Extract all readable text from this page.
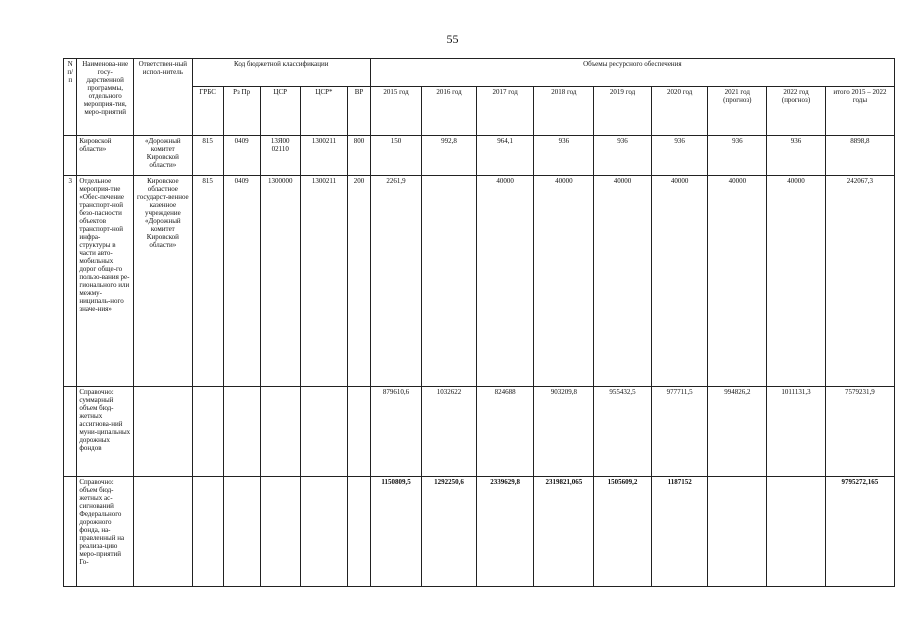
55
N п/п	Наименова-ние госу-дарственной программы, отдельного мероприя-тия, меро-приятий	Ответствен-ный испол-нитель	Код бюджетной классификации					Объемы ресурсного обеспечения								
			ГРБС	Рз Пр	ЦСР	ЦСР*	ВР	2015 год	2016 год	2017 год	2018 год	2019 год	2020 год	2021 год (прогноз)	2022 год (прогноз)	итого 2015 – 2022 годы
	Кировской области»	«Дорожный комитет Кировской области»	815	0409	13Я00 02110	1300211	800	150	992,8	964,1	936	936	936	936	936	8898,8
3	Отдельное мероприя-тие «Обес-печение транспорт-ной безо-пасности объектов транспорт-ной инфра-структуры в части авто-мобильных дорог обще-го пользо-вания ре-гионального или межму-ниципаль-ного значе-ния»	Кировское областное государст-венное казенное учреждение «Дорожный комитет Кировской области»	815	0409	1300000	1300211	200	2261,9		40000	40000	40000	40000	40000	40000	242067,3
	Справочно: суммарный объем бюд-жетных ассигнова-ний муни-ципальных дорожных фондов							879610,6	1032622	824688	903209,8	955432,5	977711,5	994826,2	1011131,3	7579231,9
	Справочно: объем бюд-жетных ас-сигнований Федерального дорожного фонда, на-правленный на реализа-цию меро-приятий Го-							1150809,5	1292250,6	2339629,8	2319821,065	1505609,2	1187152			9795272,165
